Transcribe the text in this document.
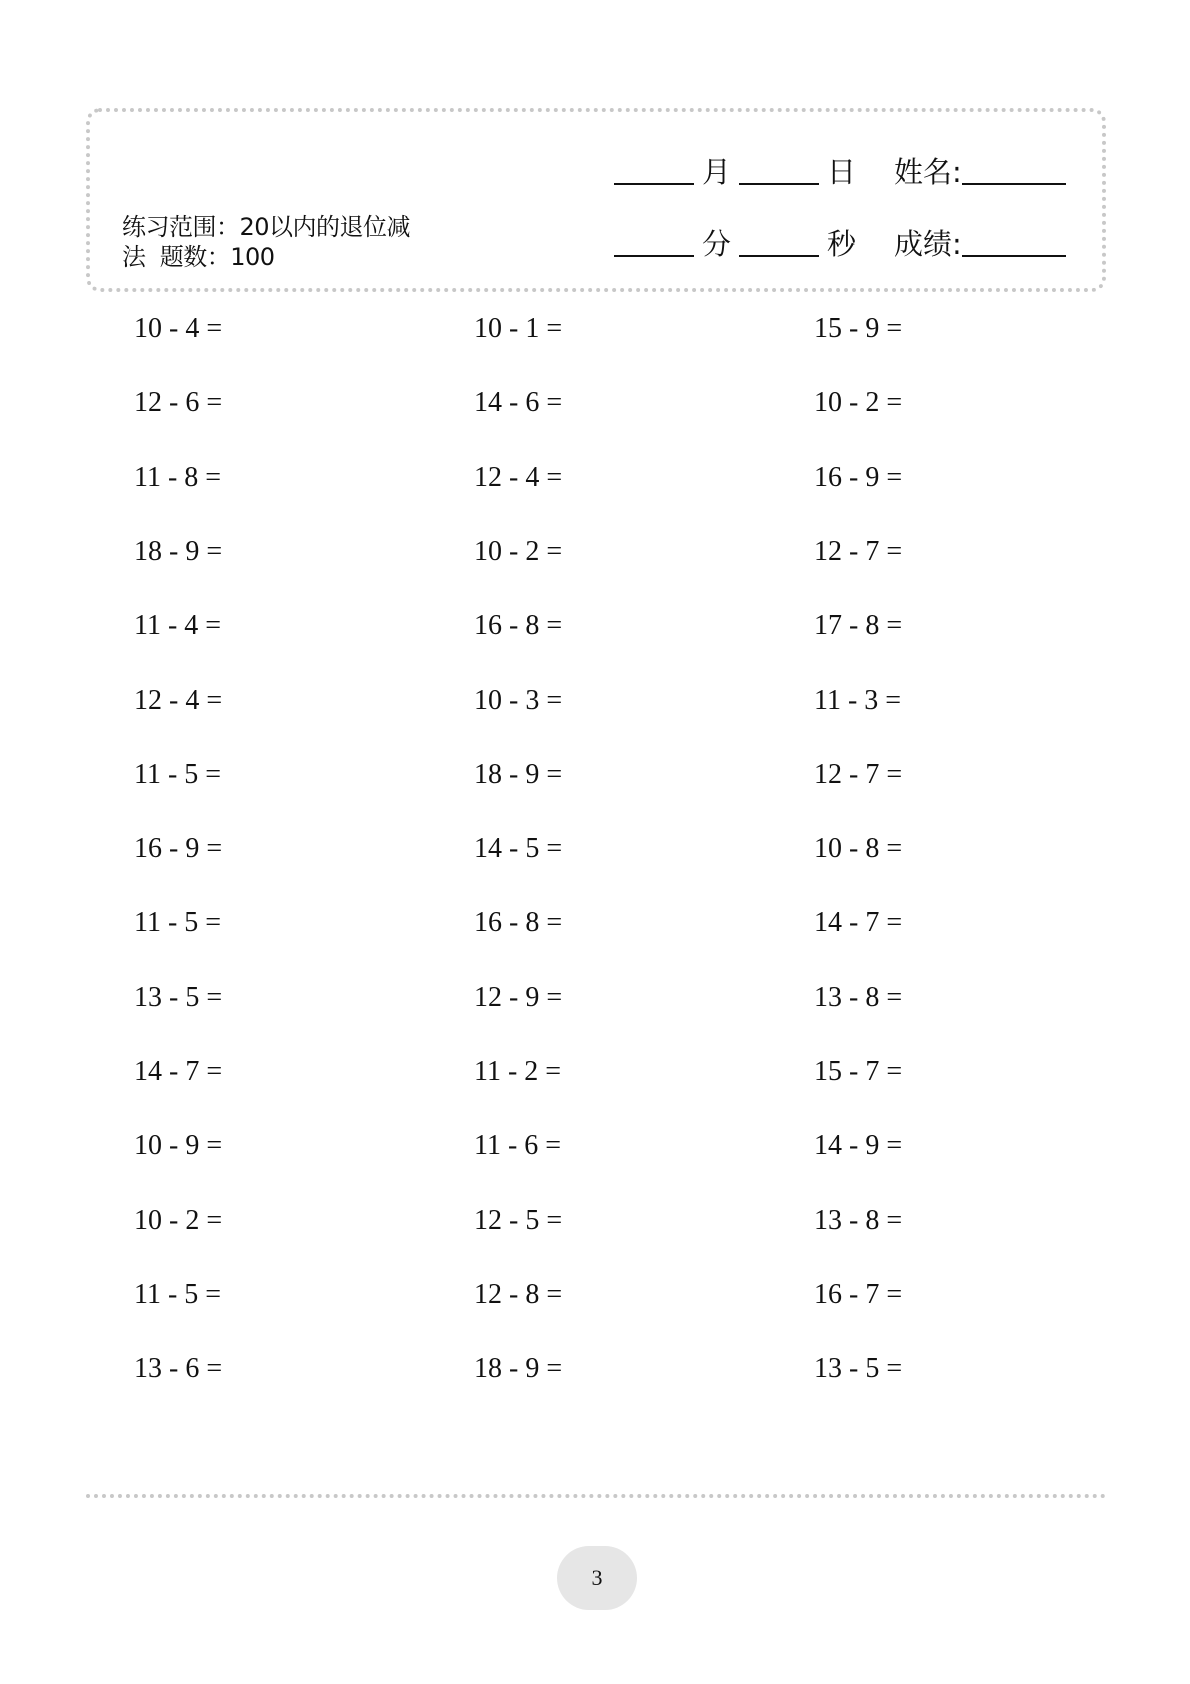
练习范围：20以内的退位减
法  题数：100
月	日 姓名:
分	秒 成绩:
10 - 4 =	10 - 1 =	15 - 9 =
12 - 6 =	14 - 6 =	10 - 2 =
11 - 8 =	12 - 4 =	16 - 9 =
18 - 9 =	10 - 2 =	12 - 7 =
11 - 4 =	16 - 8 =	17 - 8 =
12 - 4 =	10 - 3 =	11 - 3 =
11 - 5 =	18 - 9 =	12 - 7 =
16 - 9 =	14 - 5 =	10 - 8 =
11 - 5 =	16 - 8 =	14 - 7 =
13 - 5 =	12 - 9 =	13 - 8 =
14 - 7 =	11 - 2 =	15 - 7 =
10 - 9 =	11 - 6 =	14 - 9 =
10 - 2 =	12 - 5 =	13 - 8 =
11 - 5 =	12 - 8 =	16 - 7 =
13 - 6 =	18 - 9 =	13 - 5 =
3
